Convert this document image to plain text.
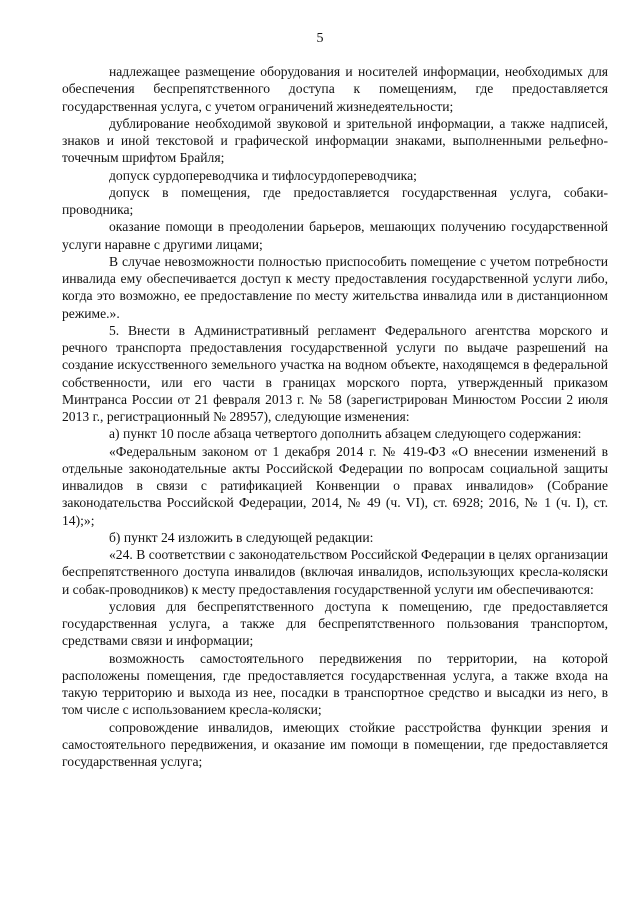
5

надлежащее размещение оборудования и носителей информации, необходимых для обеспечения беспрепятственного доступа к помещениям, где предоставляется государственная услуга, с учетом ограничений жизнедеятельности;

дублирование необходимой звуковой и зрительной информации, а также надписей, знаков и иной текстовой и графической информации знаками, выполненными рельефно-точечным шрифтом Брайля;

допуск сурдопереводчика и тифлосурдопереводчика;

допуск в помещения, где предоставляется государственная услуга, собаки-проводника;

оказание помощи в преодолении барьеров, мешающих получению государственной услуги наравне с другими лицами;

В случае невозможности полностью приспособить помещение с учетом потребности инвалида ему обеспечивается доступ к месту предоставления государственной услуги либо, когда это возможно, ее предоставление по месту жительства инвалида или в дистанционном режиме.».

5. Внести в Административный регламент Федерального агентства морского и речного транспорта предоставления государственной услуги по выдаче разрешений на создание искусственного земельного участка на водном объекте, находящемся в федеральной собственности, или его части в границах морского порта, утвержденный приказом Минтранса России от 21 февраля 2013 г. № 58 (зарегистрирован Минюстом России 2 июля 2013 г., регистрационный № 28957), следующие изменения:

а) пункт 10 после абзаца четвертого дополнить абзацем следующего содержания:

«Федеральным законом от 1 декабря 2014 г. № 419-ФЗ «О внесении изменений в отдельные законодательные акты Российской Федерации по вопросам социальной защиты инвалидов в связи с ратификацией Конвенции о правах инвалидов» (Собрание законодательства Российской Федерации, 2014, № 49 (ч. VI), ст. 6928; 2016, № 1 (ч. I), ст. 14);»;

б) пункт 24 изложить в следующей редакции:

«24. В соответствии с законодательством Российской Федерации в целях организации беспрепятственного доступа инвалидов (включая инвалидов, использующих кресла-коляски и собак-проводников) к месту предоставления государственной услуги им обеспечиваются:

условия для беспрепятственного доступа к помещению, где предоставляется государственная услуга, а также для беспрепятственного пользования транспортом, средствами связи и информации;

возможность самостоятельного передвижения по территории, на которой расположены помещения, где предоставляется государственная услуга, а также входа на такую территорию и выхода из нее, посадки в транспортное средство и высадки из него, в том числе с использованием кресла-коляски;

сопровождение инвалидов, имеющих стойкие расстройства функции зрения и самостоятельного передвижения, и оказание им помощи в помещении, где предоставляется государственная услуга;
